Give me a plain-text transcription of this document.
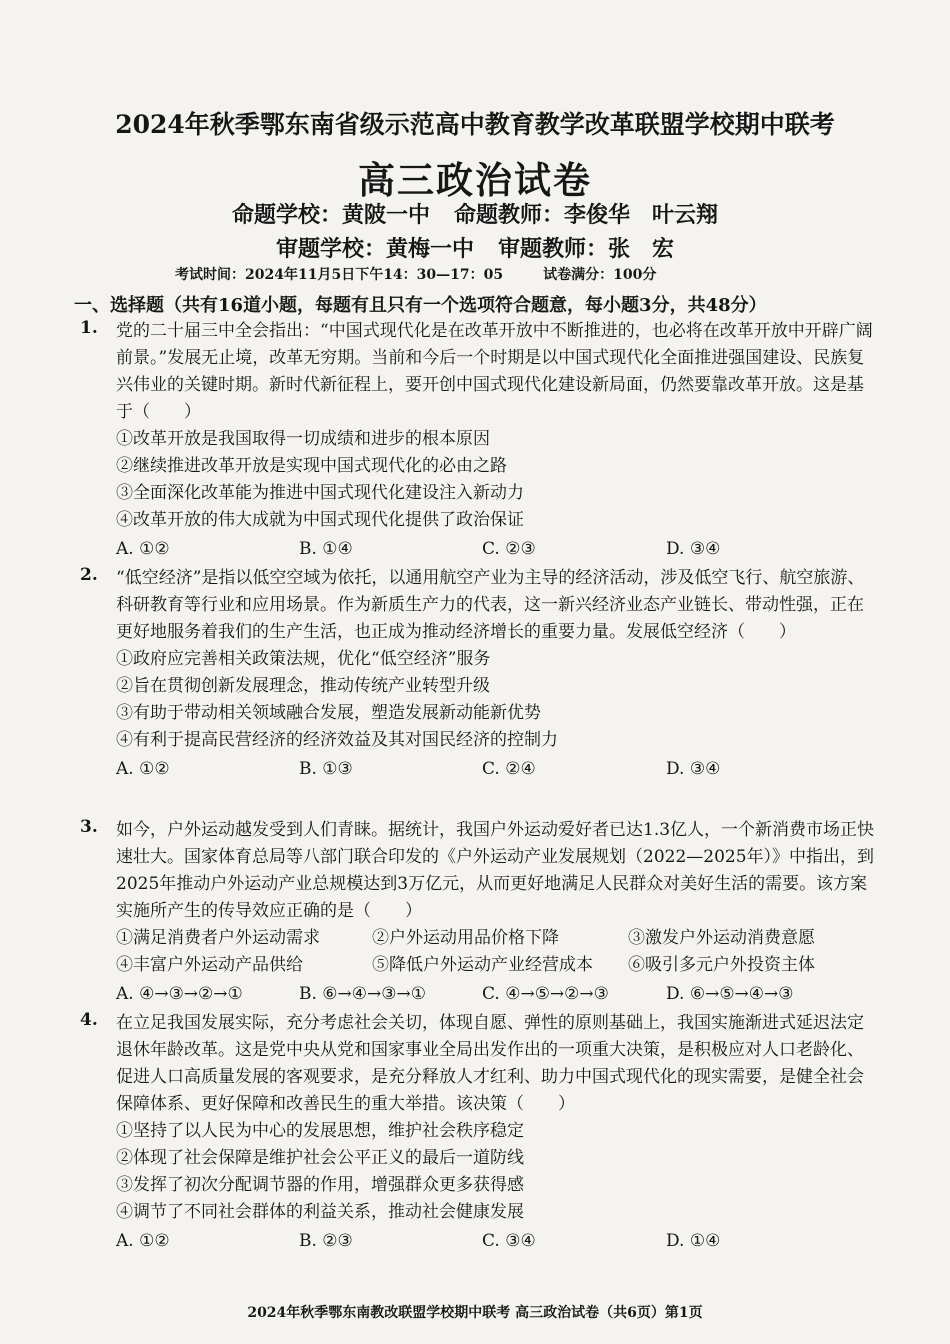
2024年秋季鄂东南省级示范高中教育教学改革联盟学校期中联考
高三政治试卷
命题学校：黄陂一中 命题教师：李俊华　叶云翔
审题学校：黄梅一中 审题教师：张　宏
考试时间：2024年11月5日下午14：30—17：05	试卷满分：100分
一、选择题（共有16道小题，每题有且只有一个选项符合题意，每小题3分，共48分）
1. 党的二十届三中全会指出：“中国式现代化是在改革开放中不断推进的，也必将在改革开放中开辟广阔前景。”发展无止境，改革无穷期。当前和今后一个时期是以中国式现代化全面推进强国建设、民族复兴伟业的关键时期。新时代新征程上，要开创中国式现代化建设新局面，仍然要靠改革开放。这是基于（　　）
①改革开放是我国取得一切成绩和进步的根本原因
②继续推进改革开放是实现中国式现代化的必由之路
③全面深化改革能为推进中国式现代化建设注入新动力
④改革开放的伟大成就为中国式现代化提供了政治保证
A. ①②	B. ①④	C. ②③	D. ③④
2. “低空经济”是指以低空空域为依托，以通用航空产业为主导的经济活动，涉及低空飞行、航空旅游、科研教育等行业和应用场景。作为新质生产力的代表，这一新兴经济业态产业链长、带动性强，正在更好地服务着我们的生产生活，也正成为推动经济增长的重要力量。发展低空经济（　　）
①政府应完善相关政策法规，优化“低空经济”服务
②旨在贯彻创新发展理念，推动传统产业转型升级
③有助于带动相关领域融合发展，塑造发展新动能新优势
④有利于提高民营经济的经济效益及其对国民经济的控制力
A. ①②	B. ①③	C. ②④	D. ③④
3. 如今，户外运动越发受到人们青睐。据统计，我国户外运动爱好者已达1.3亿人，一个新消费市场正快速壮大。国家体育总局等八部门联合印发的《户外运动产业发展规划（2022—2025年）》中指出，到2025年推动户外运动产业总规模达到3万亿元，从而更好地满足人民群众对美好生活的需要。该方案实施所产生的传导效应正确的是（　　）
①满足消费者户外运动需求	②户外运动用品价格下降	③激发户外运动消费意愿
④丰富户外运动产品供给	⑤降低户外运动产业经营成本 ⑥吸引多元户外投资主体
A. ④→③→②→①	B. ⑥→④→③→①	C. ④→⑤→②→③	D. ⑥→⑤→④→③
4. 在立足我国发展实际，充分考虑社会关切，体现自愿、弹性的原则基础上，我国实施渐进式延迟法定退休年龄改革。这是党中央从党和国家事业全局出发作出的一项重大决策，是积极应对人口老龄化、促进人口高质量发展的客观要求，是充分释放人才红利、助力中国式现代化的现实需要，是健全社会保障体系、更好保障和改善民生的重大举措。该决策（　　）
①坚持了以人民为中心的发展思想，维护社会秩序稳定
②体现了社会保障是维护社会公平正义的最后一道防线
③发挥了初次分配调节器的作用，增强群众更多获得感
④调节了不同社会群体的利益关系，推动社会健康发展
A. ①②	B. ②③	C. ③④	D. ①④
2024年秋季鄂东南教改联盟学校期中联考 高三政治试卷（共6页）第1页
